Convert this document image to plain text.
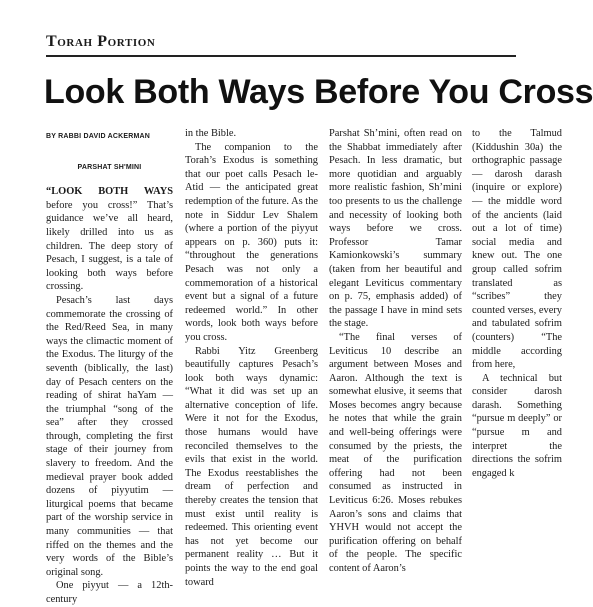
Torah Portion
Look Both Ways Before You Cross
BY RABBI DAVID ACKERMAN
PARSHAT SH'MINI

“LOOK BOTH WAYS before you cross!” That’s guidance we’ve all heard, likely drilled into us as children. The deep story of Pesach, I suggest, is a tale of looking both ways before crossing.

Pesach’s last days commemorate the crossing of the Red/Reed Sea, in many ways the climactic moment of the Exodus. The liturgy of the seventh (biblically, the last) day of Pesach centers on the reading of shirat haYam — the triumphal “song of the sea” after they crossed through, completing the first stage of their journey from slavery to freedom. And the medieval prayer book added dozens of piyyutim — liturgical poems that became part of the worship service in many communities — that riffed on the themes and the very words of the Bible’s original song.

One piyyut — a 12th-century

in the Bible.

The companion to the Torah’s Exodus is something that our poet calls Pesach le-Atid — the anticipated great redemption of the future. As the note in Siddur Lev Shalem (where a portion of the piyyut appears on p. 360) puts it: “throughout the generations Pesach was not only a commemoration of a historical event but a signal of a future redeemed world.” In other words, look both ways before you cross.

Rabbi Yitz Greenberg beautifully captures Pesach’s look both ways dynamic: “What it did was set up an alternative conception of life. Were it not for the Exodus, those humans would have reconciled themselves to the evils that exist in the world. The Exodus reestablishes the dream of perfection and thereby creates the tension that must exist until reality is redeemed. This orienting event has not yet become our permanent reality … But it points the way to the end goal toward

Parshat Sh’mini, often read on the Shabbat immediately after Pesach. In less dramatic, but more quotidian and arguably more realistic fashion, Sh’mini too presents to us the challenge and necessity of looking both ways before we cross. Professor Tamar Kamionkowski’s summary (taken from her beautiful and elegant Leviticus commentary on p. 75, emphasis added) of the passage I have in mind sets the stage.

“The final verses of Leviticus 10 describe an argument between Moses and Aaron. Although the text is somewhat elusive, it seems that Moses becomes angry because he notes that while the grain and well-being offerings were consumed by the priests, the meat of the purification offering had not been consumed as instructed in Leviticus 6:26. Moses rebukes Aaron’s sons and claims that YHVH would not accept the purification offering on behalf of the people. The specific content of Aaron’s

to the Talmud (Kiddushin 30a) the orthographic passage — darosh darash (inquire or explore) — the middle word of the ancients (laid out a lot of time) social media and knew out. The one group called sofrim translated as “scribes” they counted verses, every and tabulated sofrim (counters) “The middle according from here,

A technical but consider darosh darash. Something “pursue m deeply” or “pursue m and interpret the directions the sofrim engaged k
